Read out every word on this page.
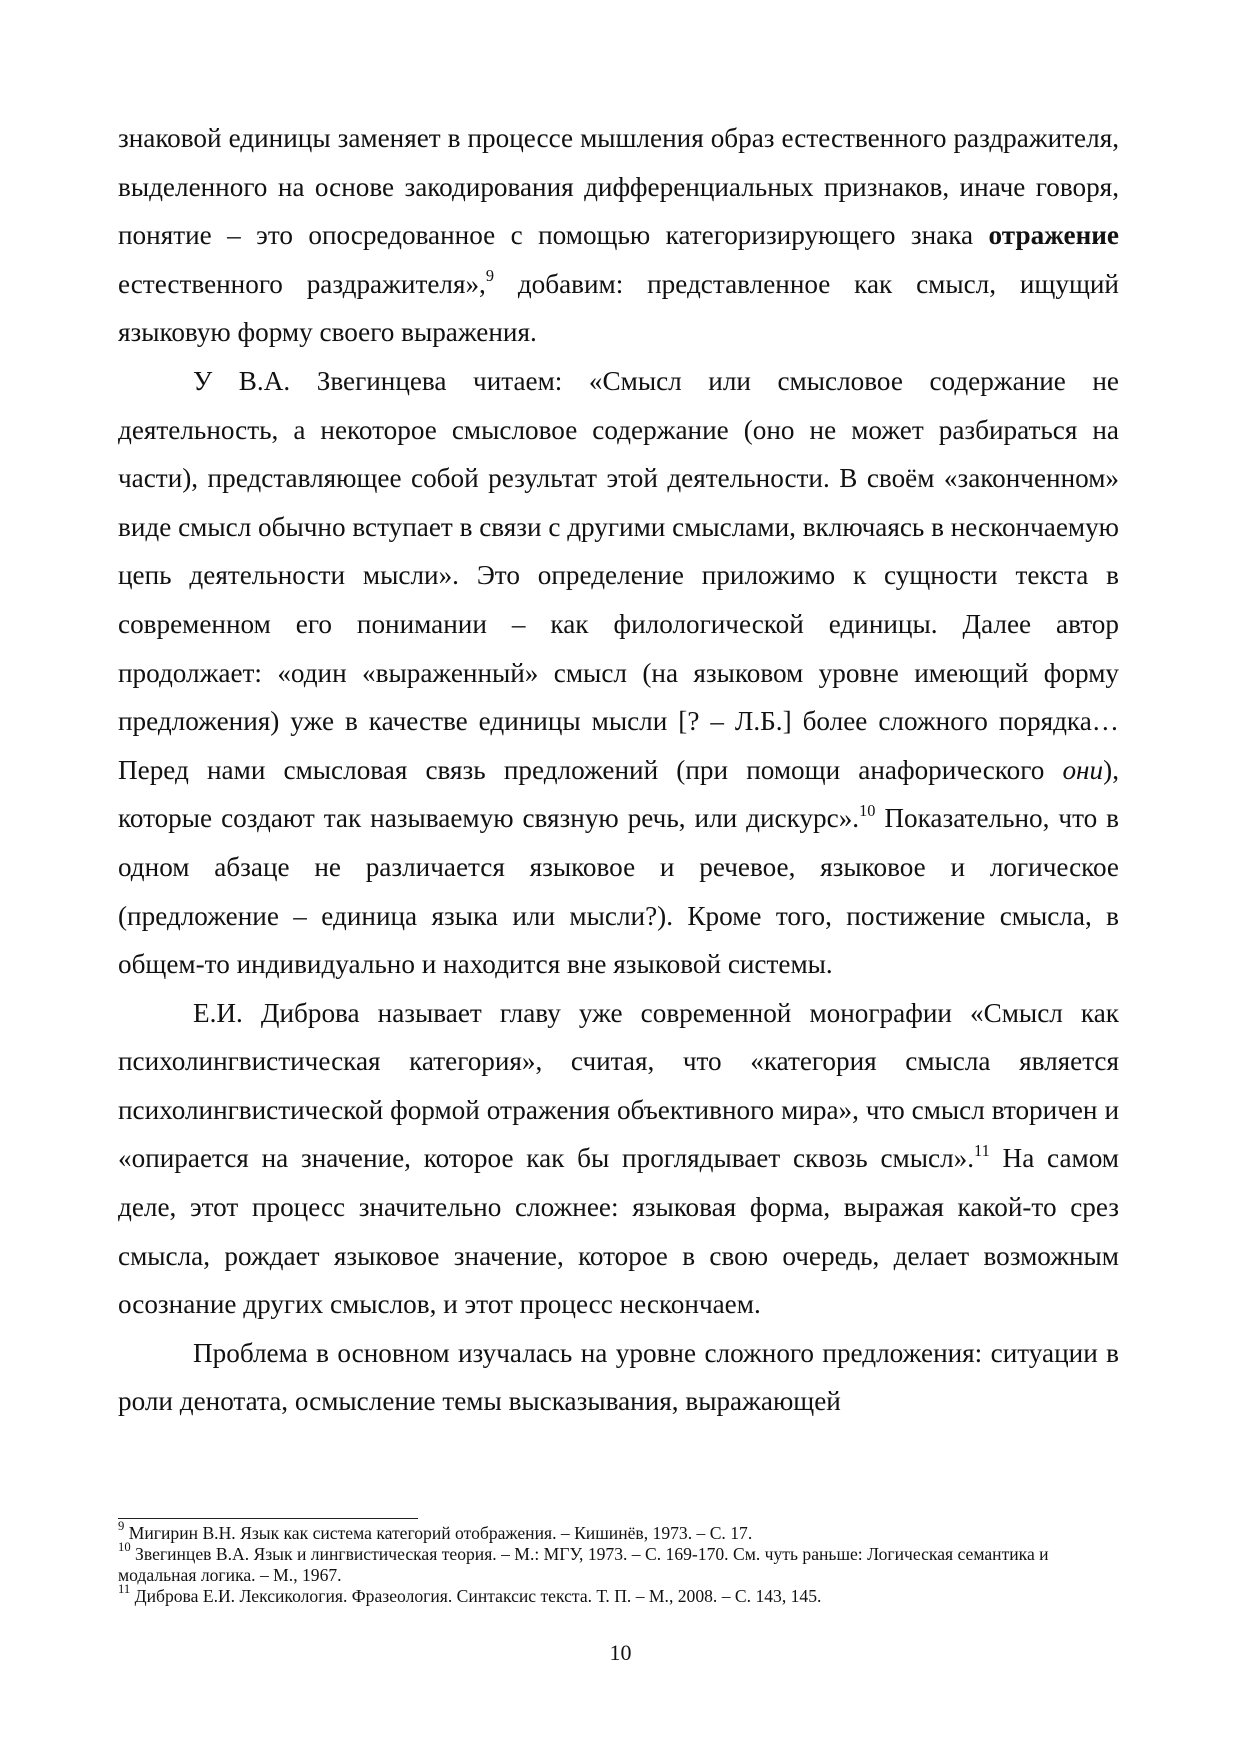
знаковой единицы заменяет в процессе мышления образ естественного раздражителя, выделенного на основе закодирования дифференциальных признаков, иначе говоря, понятие – это опосредованное с помощью категоризирующего знака отражение естественного раздражителя»,$^9$ добавим: представленное как смысл, ищущий языковую форму своего выражения.

У В.А. Звегинцева читаем: «Смысл или смысловое содержание не деятельность, а некоторое смысловое содержание (оно не может разбираться на части), представляющее собой результат этой деятельности. В своём «законченном» виде смысл обычно вступает в связи с другими смыслами, включаясь в нескончаемую цепь деятельности мысли». Это определение приложимо к сущности текста в современном его понимании – как филологической единицы. Далее автор продолжает: «один «выраженный» смысл (на языковом уровне имеющий форму предложения) уже в качестве единицы мысли [? – Л.Б.] более сложного порядка… Перед нами смысловая связь предложений (при помощи анафорического они), которые создают так называемую связную речь, или дискурс».$^{10}$ Показательно, что в одном абзаце не различается языковое и речевое, языковое и логическое (предложение – единица языка или мысли?). Кроме того, постижение смысла, в общем-то индивидуально и находится вне языковой системы.

Е.И. Диброва называет главу уже современной монографии «Смысл как психолингвистическая категория», считая, что «категория смысла является психолингвистической формой отражения объективного мира», что смысл вторичен и «опирается на значение, которое как бы проглядывает сквозь смысл».$^{11}$ На самом деле, этот процесс значительно сложнее: языковая форма, выражая какой-то срез смысла, рождает языковое значение, которое в свою очередь, делает возможным осознание других смыслов, и этот процесс нескончаем.

Проблема в основном изучалась на уровне сложного предложения: ситуации в роли денотата, осмысление темы высказывания, выражающей

$^9$ Мигирин В.Н. Язык как система категорий отображения. – Кишинёв, 1973. – С. 17.

$^{10}$ Звегинцев В.А. Язык и лингвистическая теория. – М.: МГУ, 1973. – С. 169-170. См. чуть раньше: Логическая семантика и модальная логика. – М., 1967.

$^{11}$ Диброва Е.И. Лексикология. Фразеология. Синтаксис текста. Т. П. – М., 2008. – С. 143, 145.

10
